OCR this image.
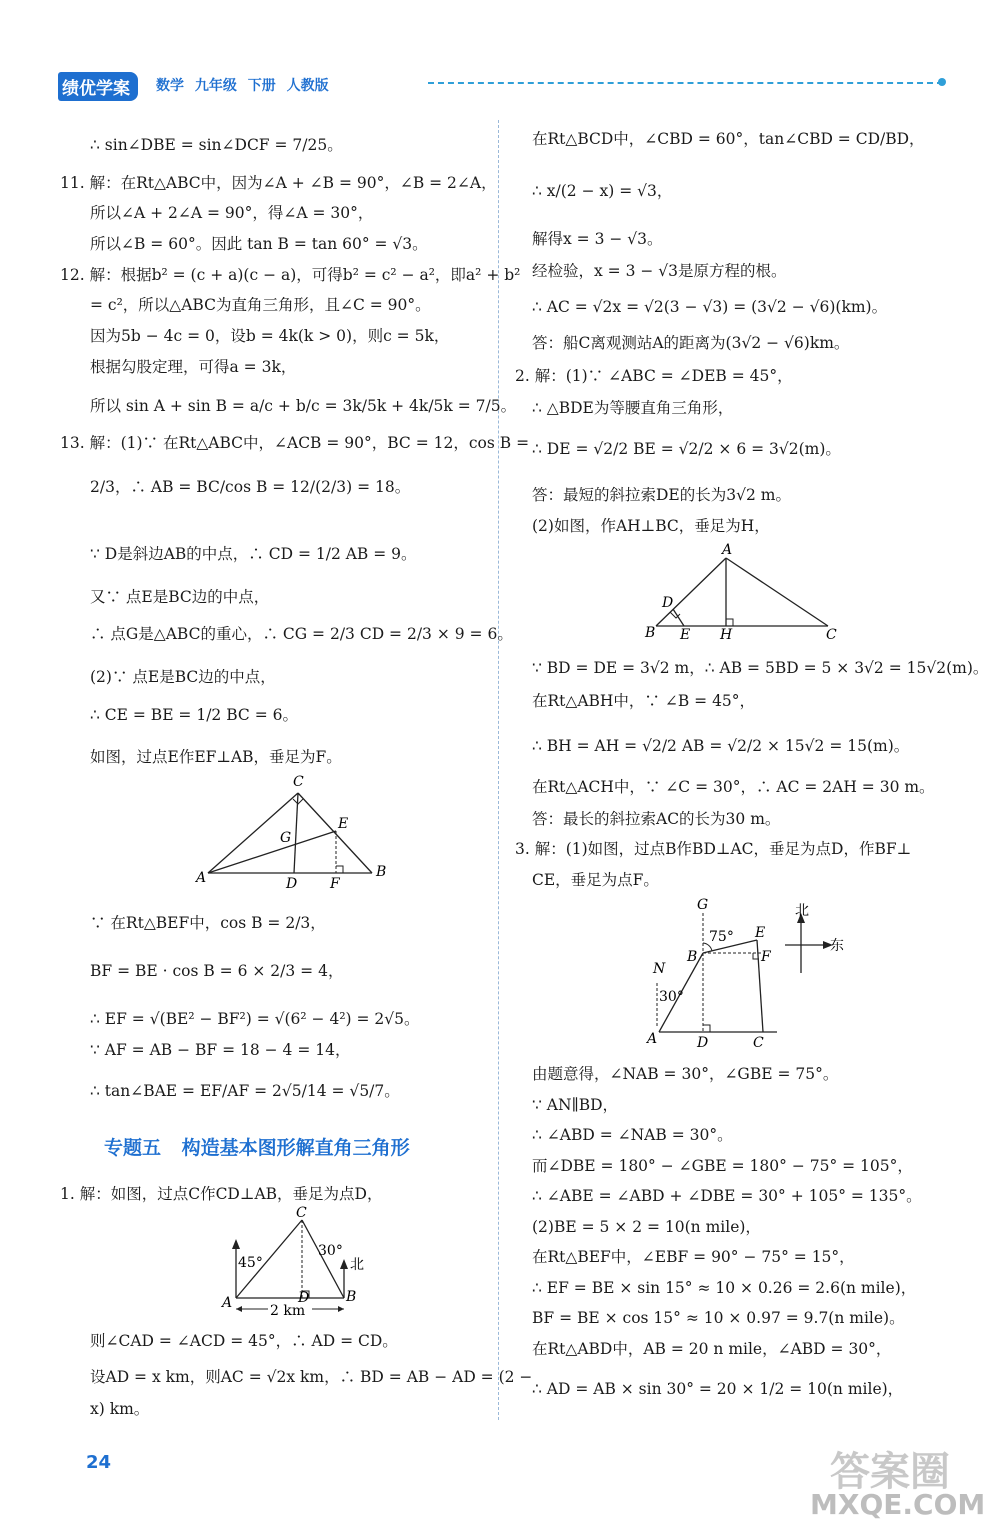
绩优学案	数学 九年级 下册 人教版
∴ sin∠DBE = sin∠DCF = 7/25。
11. 解：在Rt△ABC中，因为∠A + ∠B = 90°，∠B = 2∠A，
所以∠A + 2∠A = 90°，得∠A = 30°，
所以∠B = 60°。因此 tan B = tan 60° = √3。
12. 解：根据b² = (c + a)(c − a)，可得b² = c² − a²，即a² + b²
= c²，所以△ABC为直角三角形，且∠C = 90°。
因为5b − 4c = 0，设b = 4k(k > 0)，则c = 5k，
根据勾股定理，可得a = 3k，
所以 sin A + sin B = a/c + b/c = 3k/5k + 4k/5k = 7/5。
13. 解：(1)∵ 在Rt△ABC中，∠ACB = 90°，BC = 12，cos B =
2/3，∴ AB = BC/cos B = 12/(2/3) = 18。
∵ D是斜边AB的中点，∴ CD = 1/2 AB = 9。
又∵ 点E是BC边的中点，
∴ 点G是△ABC的重心，∴ CG = 2/3 CD = 2/3 × 9 = 6。
(2)∵ 点E是BC边的中点，
∴ CE = BE = 1/2 BC = 6。
如图，过点E作EF⊥AB，垂足为F。
∵ 在Rt△BEF中，cos B = 2/3，
BF = BE · cos B = 6 × 2/3 = 4，
∴ EF = √(BE² − BF²) = √(6² − 4²) = 2√5。
∵ AF = AB − BF = 18 − 4 = 14，
∴ tan∠BAE = EF/AF = 2√5/14 = √5/7。
1. 解：如图，过点C作CD⊥AB，垂足为点D，
则∠CAD = ∠ACD = 45°，∴ AD = CD。
设AD = x km，则AC = √2x km，∴ BD = AB − AD = (2 −
x) km。
专题五 构造基本图形解直角三角形
C
G
E
A	D F
B
C
45°
30°
北
A	D	B
2 km
在Rt△BCD中，∠CBD = 60°，tan∠CBD = CD/BD，
∴ x/(2 − x) = √3，
解得x = 3 − √3。
经检验，x = 3 − √3是原方程的根。
∴ AC = √2x = √2(3 − √3) = (3√2 − √6)(km)。
答：船C离观测站A的距离为(3√2 − √6)km。
2. 解：(1)∵ ∠ABC = ∠DEB = 45°，
∴ △BDE为等腰直角三角形，
∴ DE = √2/2 BE = √2/2 × 6 = 3√2(m)。
答：最短的斜拉索DE的长为3√2 m。
(2)如图，作AH⊥BC，垂足为H，
∵ BD = DE = 3√2 m，∴ AB = 5BD = 5 × 3√2 = 15√2(m)。
在Rt△ABH中，∵ ∠B = 45°，
∴ BH = AH = √2/2 AB = √2/2 × 15√2 = 15(m)。
在Rt△ACH中，∵ ∠C = 30°，∴ AC = 2AH = 30 m。
答：最长的斜拉索AC的长为30 m。
3. 解：(1)如图，过点B作BD⊥AC，垂足为点D，作BF⊥
CE，垂足为点F。
由题意得，∠NAB = 30°，∠GBE = 75°。
∵ AN∥BD，
∴ ∠ABD = ∠NAB = 30°。
而∠DBE = 180° − ∠GBE = 180° − 75° = 105°，
∴ ∠ABE = ∠ABD + ∠DBE = 30° + 105° = 135°。
(2)BE = 5 × 2 = 10(n mile)，
在Rt△BEF中，∠EBF = 90° − 75° = 15°，
∴ EF = BE × sin 15° ≈ 10 × 0.26 = 2.6(n mile)，
BF = BE × cos 15° ≈ 10 × 0.97 = 9.7(n mile)。
在Rt△ABD中，AB = 20 n mile，∠ABD = 30°，
∴ AD = AB × sin 30° = 20 × 1/2 = 10(n mile)，
A
D
B E H	C
G
75° E
北
东
N
B	F
30°
A	D	C
24	答案圈
MXQE.COM
